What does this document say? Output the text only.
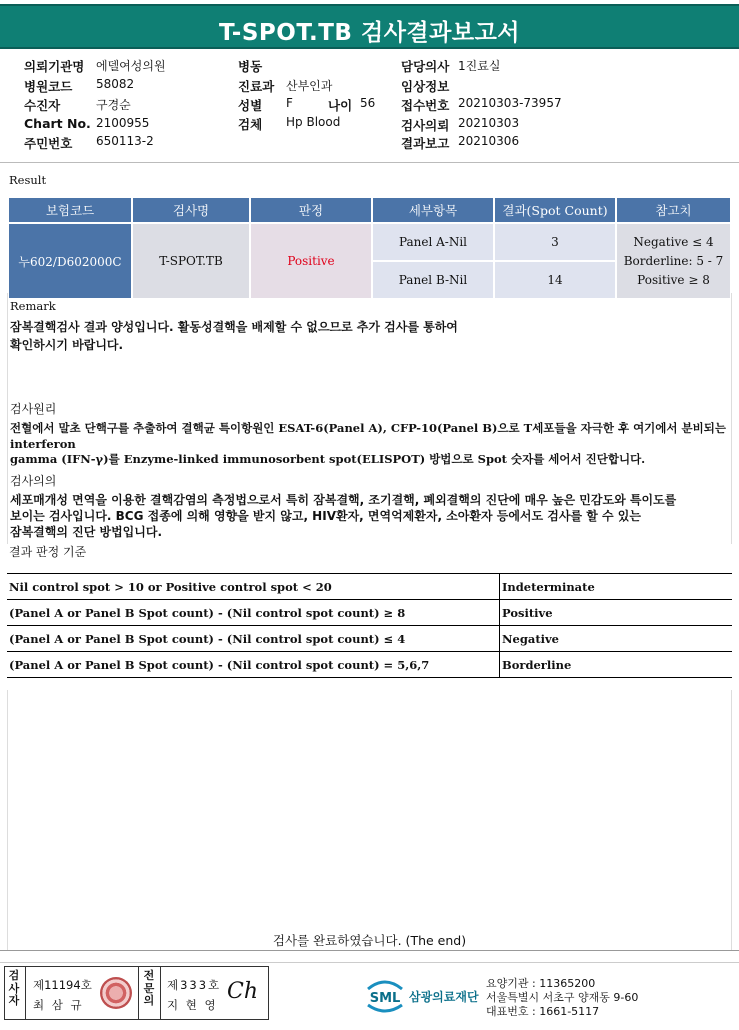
T-SPOT.TB 검사결과보고서
의뢰기관명 에델여성의원
병원코드 58082
수진자	구경순
Chart No. 2100955
주민번호 650113-2
병동
진료과 산부인과
성별 F	나이 56
검체 Hp Blood
담당의사 1진료실
임상정보
접수번호 20210303-73957
검사의뢰 20210303
결과보고 20210306
Result
보험코드	검사명	판정	세부항목	결과(Spot Count)	참고치
누602/D602000C	T-SPOT.TB	Positive	Panel A-Nil	3	Negative ≤ 4
Borderline: 5 - 7
Positive ≥ 8

			Panel B-Nil	14	
Remark
잠복결핵검사 결과 양성입니다. 활동성결핵을 배제할 수 없으므로 추가 검사를 통하여
확인하시기 바랍니다.
검사원리
전혈에서 말초 단핵구를 추출하여 결핵균 특이항원인 ESAT-6(Panel A), CFP-10(Panel B)으로 T세포들을 자극한 후 여기에서 분비되는
interferon
gamma (IFN-γ)를 Enzyme-linked immunosorbent spot(ELISPOT) 방법으로 Spot 숫자를 세어서 진단합니다.
검사의의
세포매개성 면역을 이용한 결핵감염의 측정법으로서 특히 잠복결핵, 조기결핵, 폐외결핵의 진단에 매우 높은 민감도와 특이도를
보이는 검사입니다. BCG 접종에 의해 영향을 받지 않고, HIV환자, 면역억제환자, 소아환자 등에서도 검사를 할 수 있는
잠복결핵의 진단 방법입니다.
결과 판정 기준
Nil control spot > 10 or Positive control spot < 20	Indeterminate
(Panel A or Panel B Spot count) - (Nil control spot count) ≥ 8	Positive
(Panel A or Panel B Spot count) - (Nil control spot count) ≤ 4	Negative
(Panel A or Panel B Spot count) - (Nil control spot count) = 5,6,7	Borderline
검사를 완료하였습니다. (The end)
검사자
제11194호
최 삼 규
전문의
제333호
지 현 영
Ch	SML 삼광의료재단
요양기관 : 11365200
서울특별시 서초구 양재동 9-60
대표번호 : 1661-5117
